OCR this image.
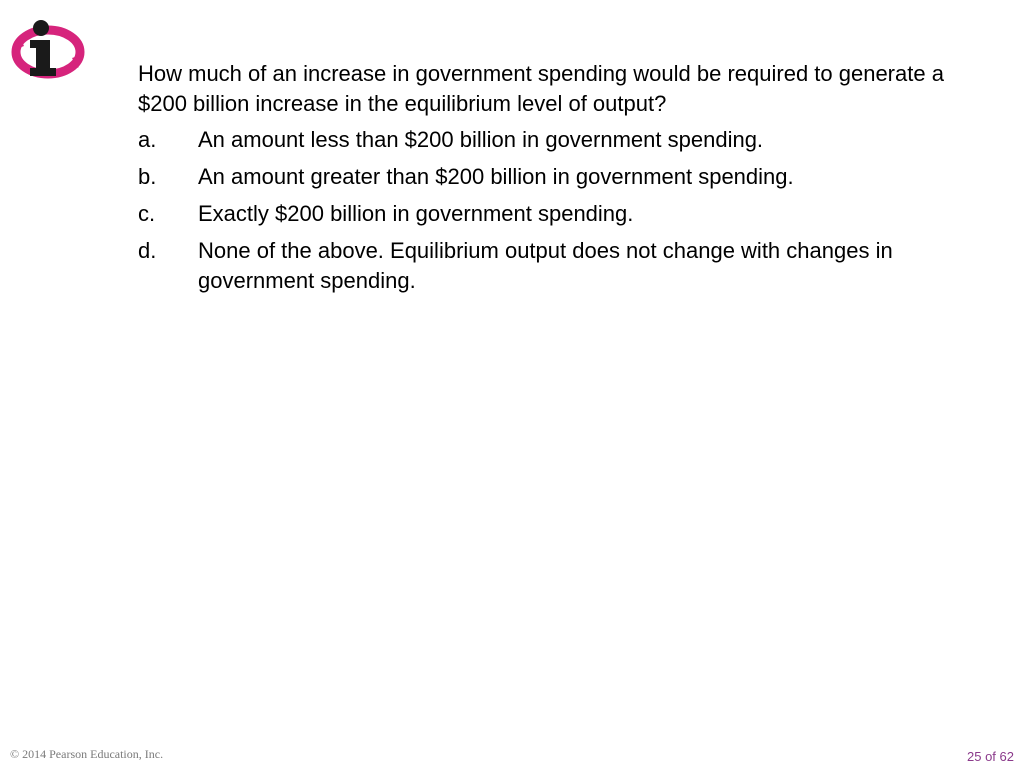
How much of an increase in government spending would be required to generate a $200 billion increase in the equilibrium level of output?

a.	An amount less than $200 billion in government spending.
b.	An amount greater than $200 billion in government spending.
c.	Exactly $200 billion in government spending.
d.	None of the above. Equilibrium output does not change with changes in government spending.
© 2014 Pearson Education, Inc.	25 of 62
